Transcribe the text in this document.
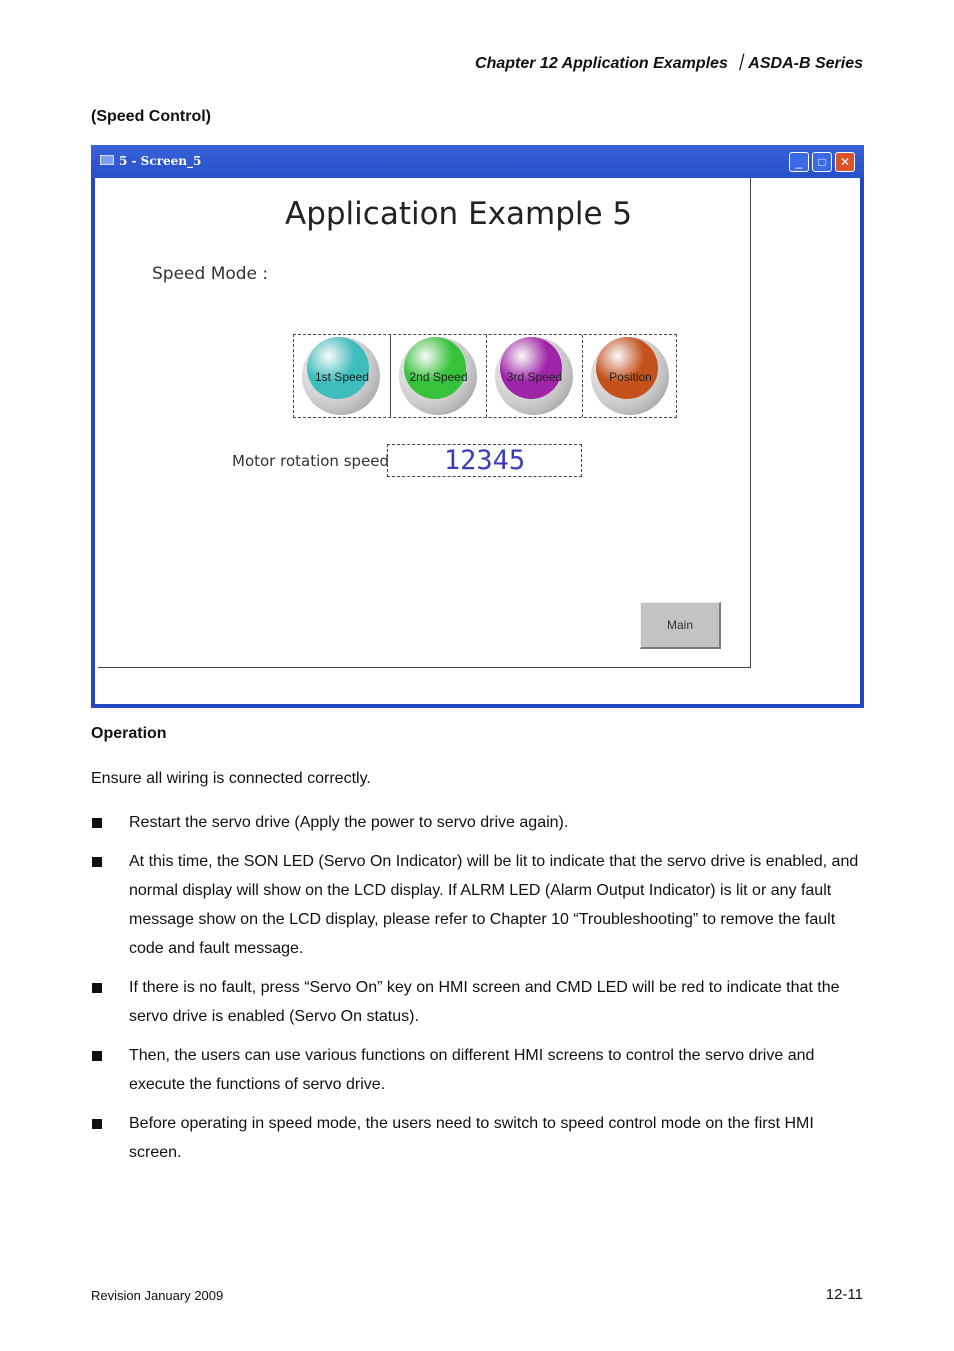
Chapter 12 Application Examples ｜ASDA-B Series
(Speed Control)
5 - Screen_5	_	□	✕
Application Example 5
Speed Mode :
1st Speed	2nd Speed	3rd Speed	Position
Motor rotation speed	12345
Main
Operation
Ensure all wiring is connected correctly.
Restart the servo drive (Apply the power to servo drive again).
At this time, the SON LED (Servo On Indicator) will be lit to indicate that the servo drive is enabled, and normal display will show on the LCD display. If ALRM LED (Alarm Output Indicator) is lit or any fault message show on the LCD display, please refer to Chapter 10 “Troubleshooting” to remove the fault code and fault message.
If there is no fault, press “Servo On” key on HMI screen and CMD LED will be red to indicate that the servo drive is enabled (Servo On status).
Then, the users can use various functions on different HMI screens to control the servo drive and execute the functions of servo drive.
Before operating in speed mode, the users need to switch to speed control mode on the first HMI screen.
Revision January 2009	12-11
